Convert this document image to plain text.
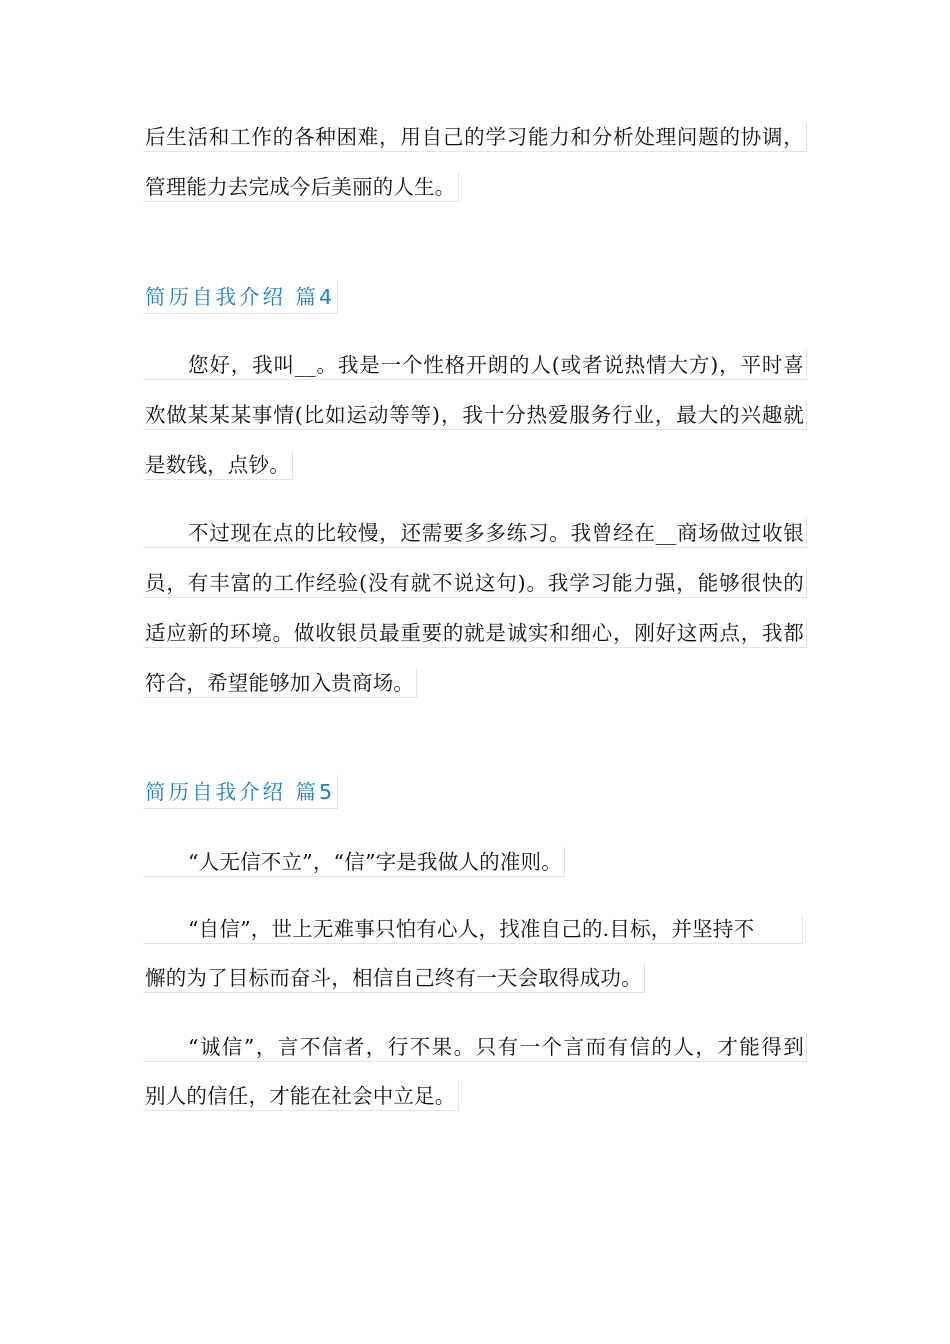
后生活和工作的各种困难，用自己的学习能力和分析处理问题的协调，
管理能力去完成今后美丽的人生。
简历自我介绍 篇4
您好，我叫__。我是一个性格开朗的人(或者说热情大方)，平时喜
欢做某某某事情(比如运动等等)，我十分热爱服务行业，最大的兴趣就
是数钱，点钞。
不过现在点的比较慢，还需要多多练习。我曾经在__商场做过收银
员，有丰富的工作经验(没有就不说这句)。我学习能力强，能够很快的
适应新的环境。做收银员最重要的就是诚实和细心，刚好这两点，我都
符合，希望能够加入贵商场。
简历自我介绍 篇5
“人无信不立”，“信”字是我做人的准则。
“自信”，世上无难事只怕有心人，找准自己的.目标，并坚持不
懈的为了目标而奋斗，相信自己终有一天会取得成功。
“诚信”，言不信者，行不果。只有一个言而有信的人，才能得到
别人的信任，才能在社会中立足。
